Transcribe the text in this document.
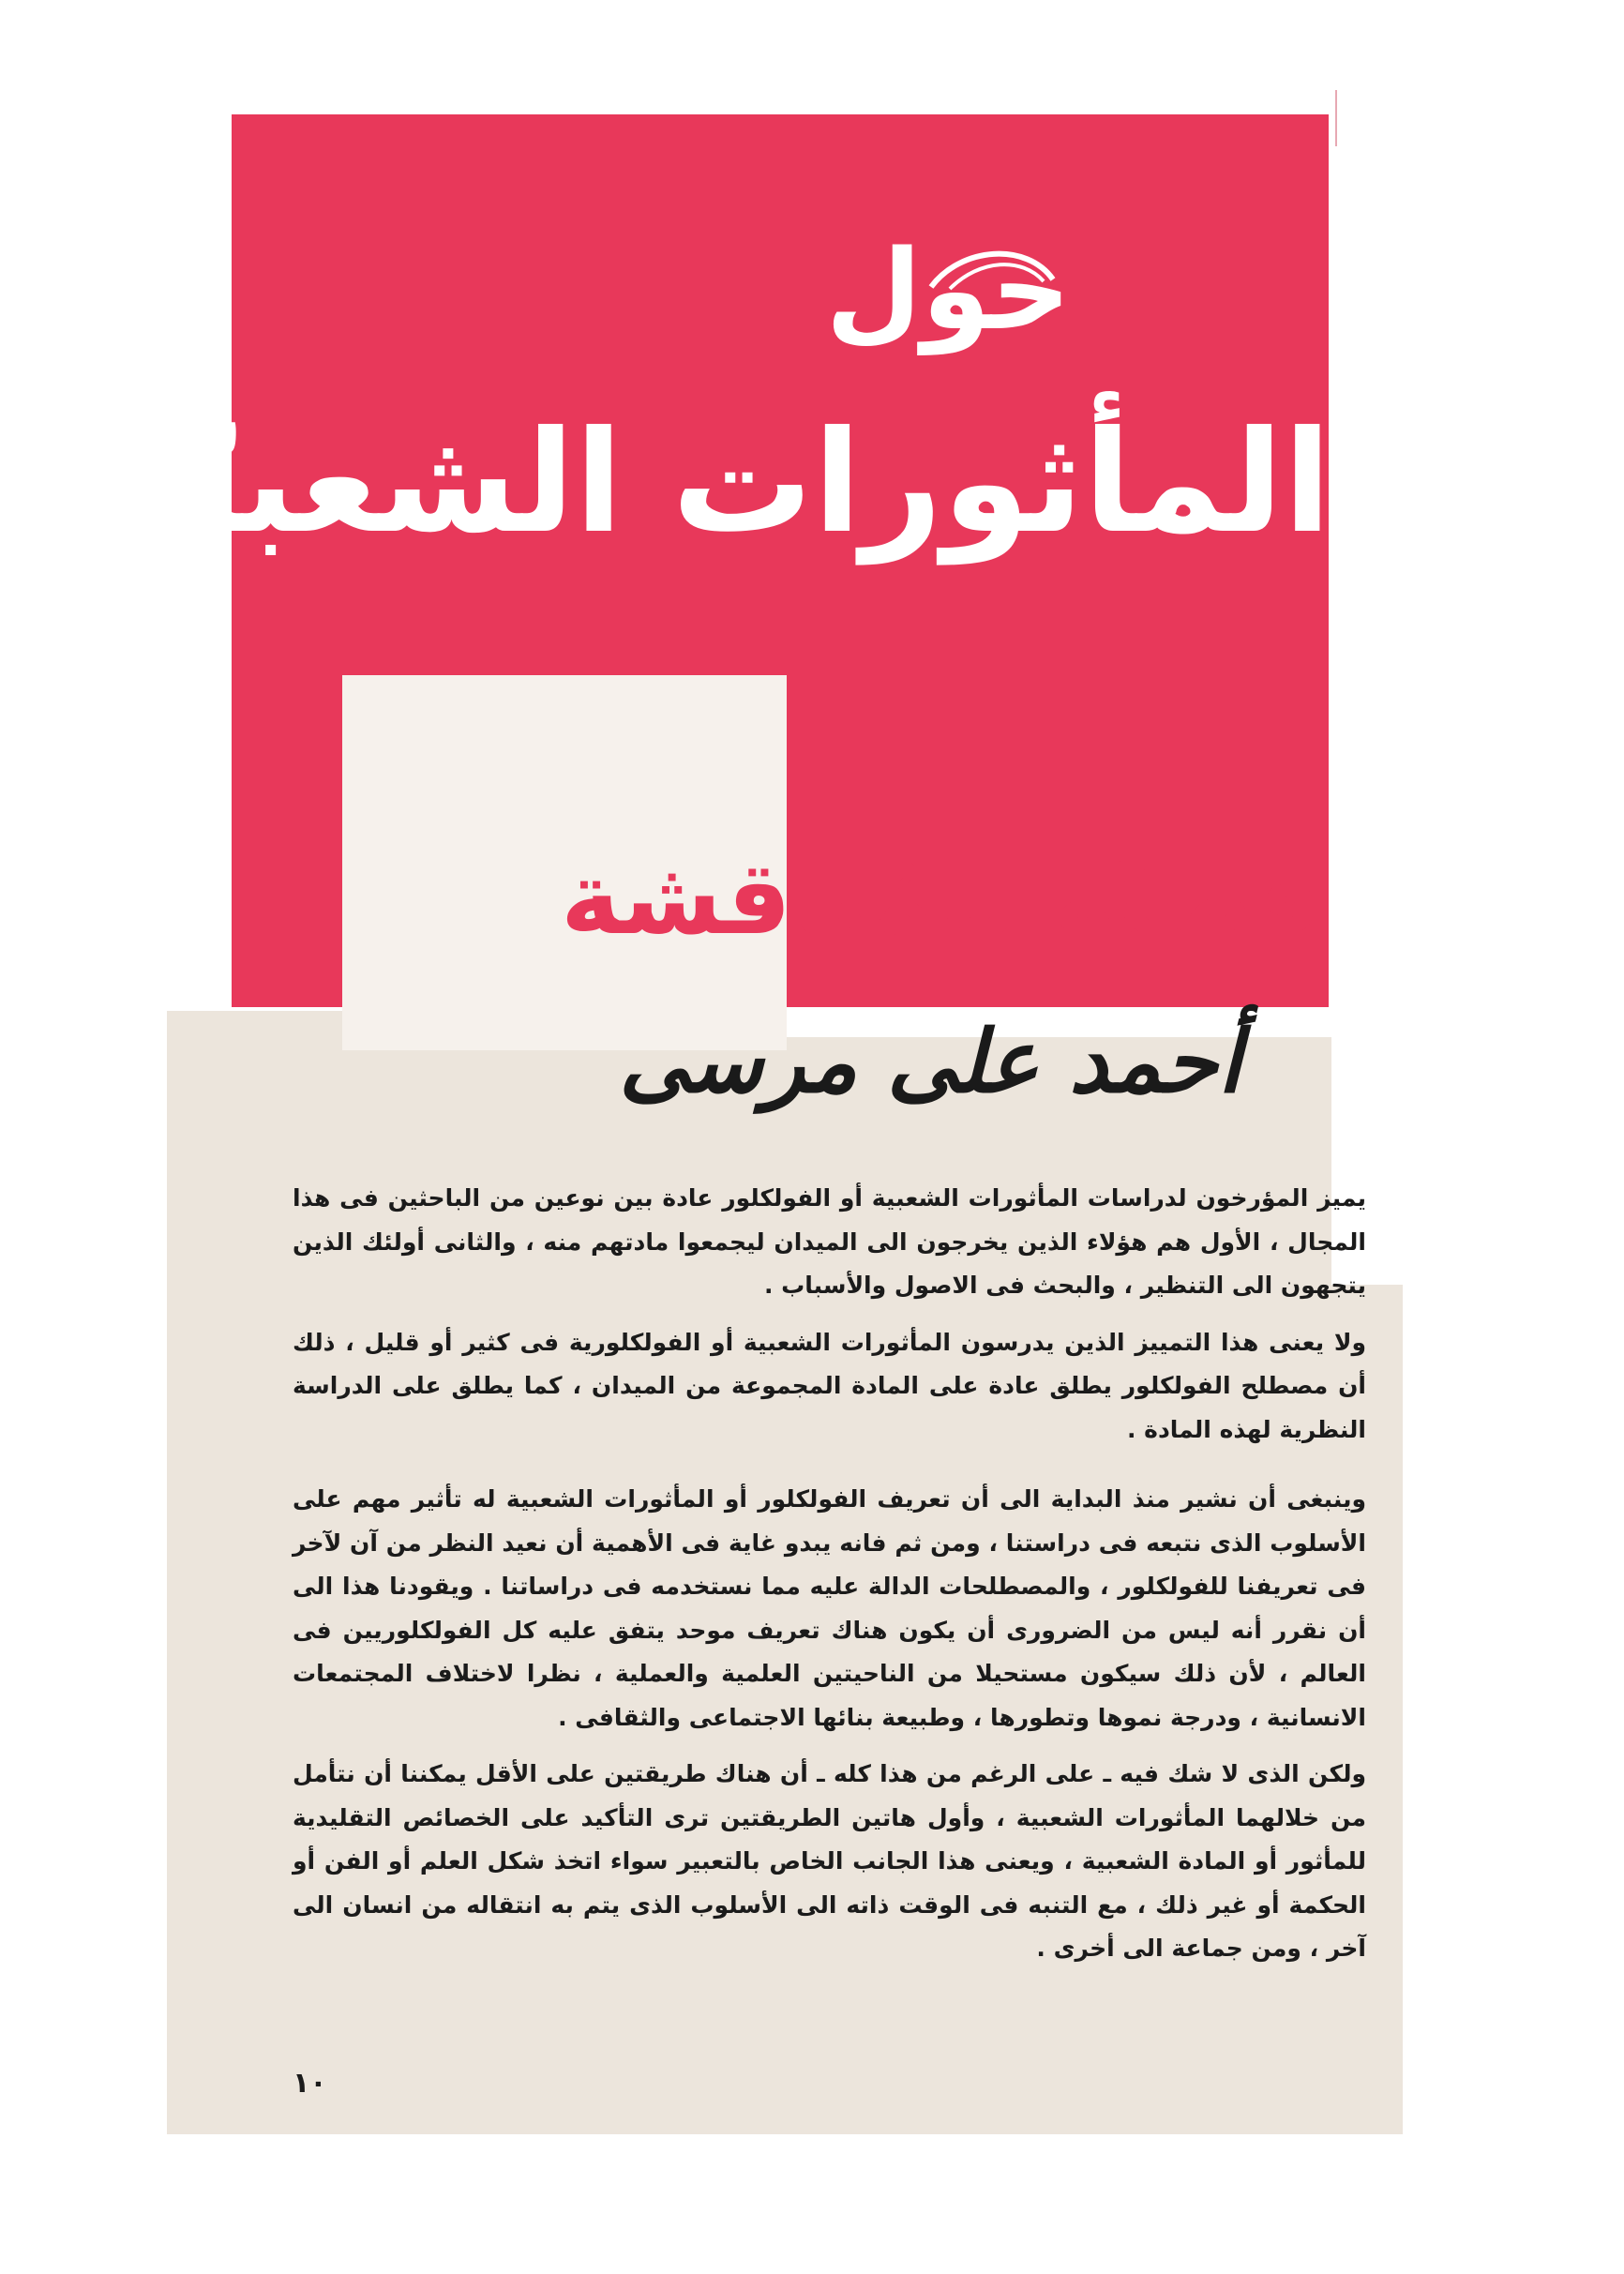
حول
المأثورات الشعبيّة
قضيّة للمُناقشة
أحمد على مرسى

يميز المؤرخون لدراسات المأثورات الشعبية أو الفولكلور عادة بين نوعين من الباحثين فى هذا المجال ، الأول هم هؤلاء الذين يخرجون الى الميدان ليجمعوا مادتهم منه ، والثانى أولئك الذين يتجهون الى التنظير ، والبحث فى الاصول والأسباب .

ولا يعنى هذا التمييز الذين يدرسون المأثورات الشعبية أو الفولكلورية فى كثير أو قليل ، ذلك أن مصطلح الفولكلور يطلق عادة على المادة المجموعة من الميدان ، كما يطلق على الدراسة النظرية لهذه المادة .

وينبغى أن نشير منذ البداية الى أن تعريف الفولكلور أو المأثورات الشعبية له تأثير مهم على الأسلوب الذى نتبعه فى دراستنا ، ومن ثم فانه يبدو غاية فى الأهمية أن نعيد النظر من آن لآخر فى تعريفنا للفولكلور ، والمصطلحات الدالة عليه مما نستخدمه فى دراساتنا . ويقودنا هذا الى أن نقرر أنه ليس من الضرورى أن يكون هناك تعريف موحد يتفق عليه كل الفولكلوريين فى العالم ، لأن ذلك سيكون مستحيلا من الناحيتين العلمية والعملية ، نظرا لاختلاف المجتمعات الانسانية ، ودرجة نموها وتطورها ، وطبيعة بنائها الاجتماعى والثقافى .

ولكن الذى لا شك فيه ـ على الرغم من هذا كله ـ أن هناك طريقتين على الأقل يمكننا أن نتأمل من خلالهما المأثورات الشعبية ، وأول هاتين الطريقتين ترى التأكيد على الخصائص التقليدية للمأثور أو المادة الشعبية ، ويعنى هذا الجانب الخاص بالتعبير سواء اتخذ شكل العلم أو الفن أو الحكمة أو غير ذلك ، مع التنبه فى الوقت ذاته الى الأسلوب الذى يتم به انتقاله من انسان الى آخر ، ومن جماعة الى أخرى .

١٠
